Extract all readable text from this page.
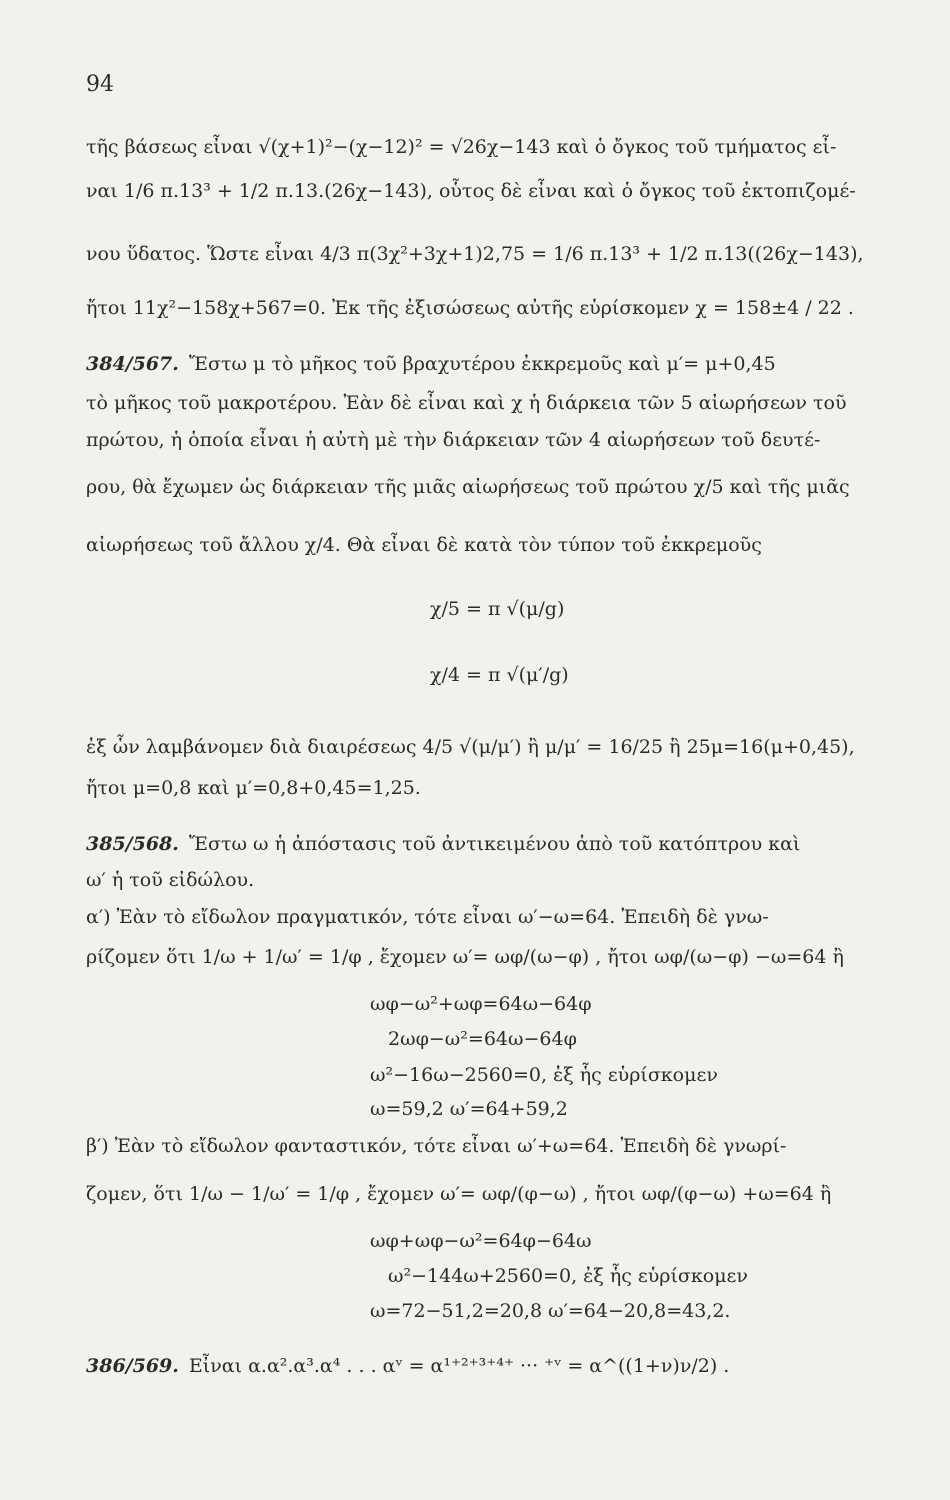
94
τῆς βάσεως εἶναι √(χ+1)²−(χ−12)² = √26χ−143 καὶ ὁ ὄγκος τοῦ τμήματος εἶ-
ναι 1/6 π.13³ + 1/2 π.13.(26χ−143), οὗτος δὲ εἶναι καὶ ὁ ὄγκος τοῦ ἐκτοπιζομέ-
νου ὕδατος. Ὥστε εἶναι 4/3 π(3χ²+3χ+1)2,75 = 1/6 π.13³ + 1/2 π.13((26χ−143),
ἤτοι 11χ²−158χ+567=0. Ἐκ τῆς ἐξισώσεως αὐτῆς εὑρίσκομεν χ = 158±4 / 22 .
384/567. Ἔστω μ τὸ μῆκος τοῦ βραχυτέρου ἐκκρεμοῦς καὶ μ′= μ+0,45
τὸ μῆκος τοῦ μακροτέρου. Ἐὰν δὲ εἶναι καὶ χ ἡ διάρκεια τῶν 5 αἰωρήσεων τοῦ
πρώτου, ἡ ὁποία εἶναι ἡ αὐτὴ μὲ τὴν διάρκειαν τῶν 4 αἰωρήσεων τοῦ δευτέ-
ρου, θὰ ἔχωμεν ὡς διάρκειαν τῆς μιᾶς αἰωρήσεως τοῦ πρώτου χ/5 καὶ τῆς μιᾶς
αἰωρήσεως τοῦ ἄλλου χ/4. Θὰ εἶναι δὲ κατὰ τὸν τύπον τοῦ ἐκκρεμοῦς
χ/5 = π √(μ/g)
χ/4 = π √(μ′/g)
ἐξ ὧν λαμβάνομεν διὰ διαιρέσεως 4/5 √(μ/μ′) ἢ μ/μ′ = 16/25 ἢ 25μ=16(μ+0,45),
ἤτοι μ=0,8 καὶ μ′=0,8+0,45=1,25.
385/568. Ἔστω ω ἡ ἀπόστασις τοῦ ἀντικειμένου ἀπὸ τοῦ κατόπτρου καὶ
ω′ ἡ τοῦ εἰδώλου.
α′) Ἐὰν τὸ εἴδωλον πραγματικόν, τότε εἶναι ω′−ω=64. Ἐπειδὴ δὲ γνω-
ρίζομεν ὅτι 1/ω + 1/ω′ = 1/φ , ἔχομεν ω′= ωφ/(ω−φ) , ἤτοι ωφ/(ω−φ) −ω=64 ἢ
ωφ−ω²+ωφ=64ω−64φ
2ωφ−ω²=64ω−64φ
ω²−16ω−2560=0, ἐξ ἧς εὑρίσκομεν
ω=59,2 ω′=64+59,2
β′) Ἐὰν τὸ εἴδωλον φανταστικόν, τότε εἶναι ω′+ω=64. Ἐπειδὴ δὲ γνωρί-
ζομεν, ὅτι 1/ω − 1/ω′ = 1/φ , ἔχομεν ω′= ωφ/(φ−ω) , ἤτοι ωφ/(φ−ω) +ω=64 ἢ
ωφ+ωφ−ω²=64φ−64ω
ω²−144ω+2560=0, ἐξ ἧς εὑρίσκομεν
ω=72−51,2=20,8 ω′=64−20,8=43,2.
386/569. Εἶναι α.α².α³.α⁴ . . . αᵛ = α¹⁺²⁺³⁺⁴⁺ ··· ⁺ᵛ = α^((1+ν)ν/2) .
